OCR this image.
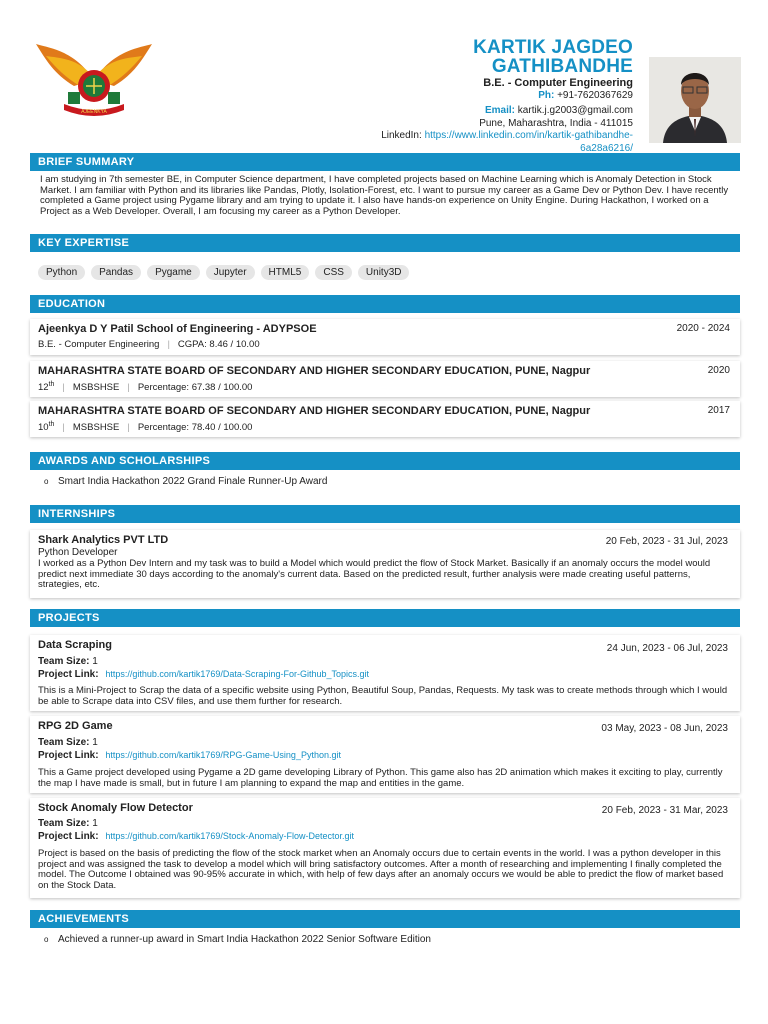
AJEENKYA
KARTIK JAGDEO
GATHIBANDHE
B.E. - Computer Engineering
Ph: +91-7620367629
Email: kartik.j.g2003@gmail.com
Pune, Maharashtra, India - 411015
LinkedIn: https://www.linkedin.com/in/kartik-gathibandhe-
6a28a6216/
BRIEF SUMMARY
I am studying in 7th semester BE, in Computer Science department, I have completed projects based on Machine Learning which is Anomaly Detection in Stock Market. I am familiar with Python and its libraries like Pandas, Plotly, Isolation-Forest, etc. I want to pursue my career as a Game Dev or Python Dev. I have recently completed a Game project using Pygame library and am trying to update it. I also have hands-on experience on Unity Engine. During Hackathon, I worked on a Project as a Web Developer. Overall, I am focusing my career as a Python Developer.
KEY EXPERTISE
Python Pandas Pygame Jupyter HTML5 CSS Unity3D
EDUCATION
Ajeenkya D Y Patil School of Engineering - ADYPSOE	2020 - 2024
B.E. - Computer Engineering | CGPA: 8.46 / 10.00
MAHARASHTRA STATE BOARD OF SECONDARY AND HIGHER SECONDARY EDUCATION, PUNE, Nagpur	2020
12th | MSBSHSE | Percentage: 67.38 / 100.00
MAHARASHTRA STATE BOARD OF SECONDARY AND HIGHER SECONDARY EDUCATION, PUNE, Nagpur	2017
10th | MSBSHSE | Percentage: 78.40 / 100.00
AWARDS AND SCHOLARSHIPS
o Smart India Hackathon 2022 Grand Finale Runner-Up Award
INTERNSHIPS
Shark Analytics PVT LTD	20 Feb, 2023 - 31 Jul, 2023
Python Developer
I worked as a Python Dev Intern and my task was to build a Model which would predict the flow of Stock Market. Basically if an anomaly occurs the model would predict next immediate 30 days according to the anomaly's current data. Based on the predicted result, further analysis were made creating useful patterns, strategies, etc.
PROJECTS
Data Scraping	24 Jun, 2023 - 06 Jul, 2023
Team Size: 1
Project Link: https://github.com/kartik1769/Data-Scraping-For-Github_Topics.git
This is a Mini-Project to Scrap the data of a specific website using Python, Beautiful Soup, Pandas, Requests. My task was to create methods through which I would be able to Scrape data into CSV files, and use them further for research.
RPG 2D Game	03 May, 2023 - 08 Jun, 2023
Team Size: 1
Project Link: https://github.com/kartik1769/RPG-Game-Using_Python.git
This a Game project developed using Pygame a 2D game developing Library of Python. This game also has 2D animation which makes it exciting to play, currently the map I have made is small, but in future I am planning to expand the map and entities in the game.
Stock Anomaly Flow Detector	20 Feb, 2023 - 31 Mar, 2023
Team Size: 1
Project Link: https://github.com/kartik1769/Stock-Anomaly-Flow-Detector.git
Project is based on the basis of predicting the flow of the stock market when an Anomaly occurs due to certain events in the world. I was a python developer in this project and was assigned the task to develop a model which will bring satisfactory outcomes. After a month of researching and implementing I finally completed the model. The Outcome I obtained was 90-95% accurate in which, with help of few days after an anomaly occurs we would be able to predict the flow of market based on the Stock Data.
ACHIEVEMENTS
o Achieved a runner-up award in Smart India Hackathon 2022 Senior Software Edition
